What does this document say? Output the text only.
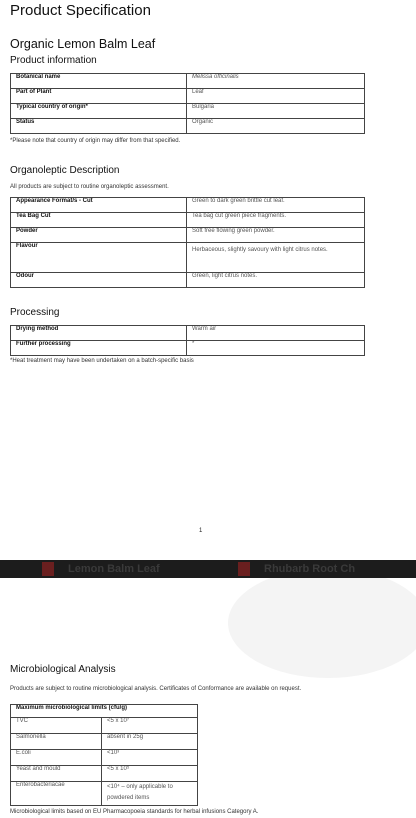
Product Specification
Organic Lemon Balm Leaf
Product information
Botanical name	Melissa officinalis
Part of Plant	Leaf
Typical country of origin*	Bulgaria
Status	Organic
*Please note that country of origin may differ from that specified.
Organoleptic Description
All products are subject to routine organoleptic assessment.
Appearance Format/s - Cut	Green to dark green brittle cut leaf.
Tea Bag Cut	Tea bag cut green piece fragments.
Powder	Soft free flowing green powder.
Flavour	Herbaceous, slightly savoury with light citrus notes.
Odour	Green, light citrus notes.
Processing
Drying method	Warm air
Further processing	*
*Heat treatment may have been undertaken on a batch-specific basis
1
Lemon Balm Leaf	Rhubarb Root Ch
Microbiological Analysis
Products are subject to routine microbiological analysis. Certificates of Conformance are available on request.
Maximum microbiological limits (cfu/g)	
TVC	<5 x 10⁷
Salmonella	absent in 25g
E.coli	<10³
Yeast and mould	<5 x 10⁵
Enterobacteriacae	<10⁴ – only applicable to powdered items
Microbiological limits based on EU Pharmacopoeia standards for herbal infusions Category A.
